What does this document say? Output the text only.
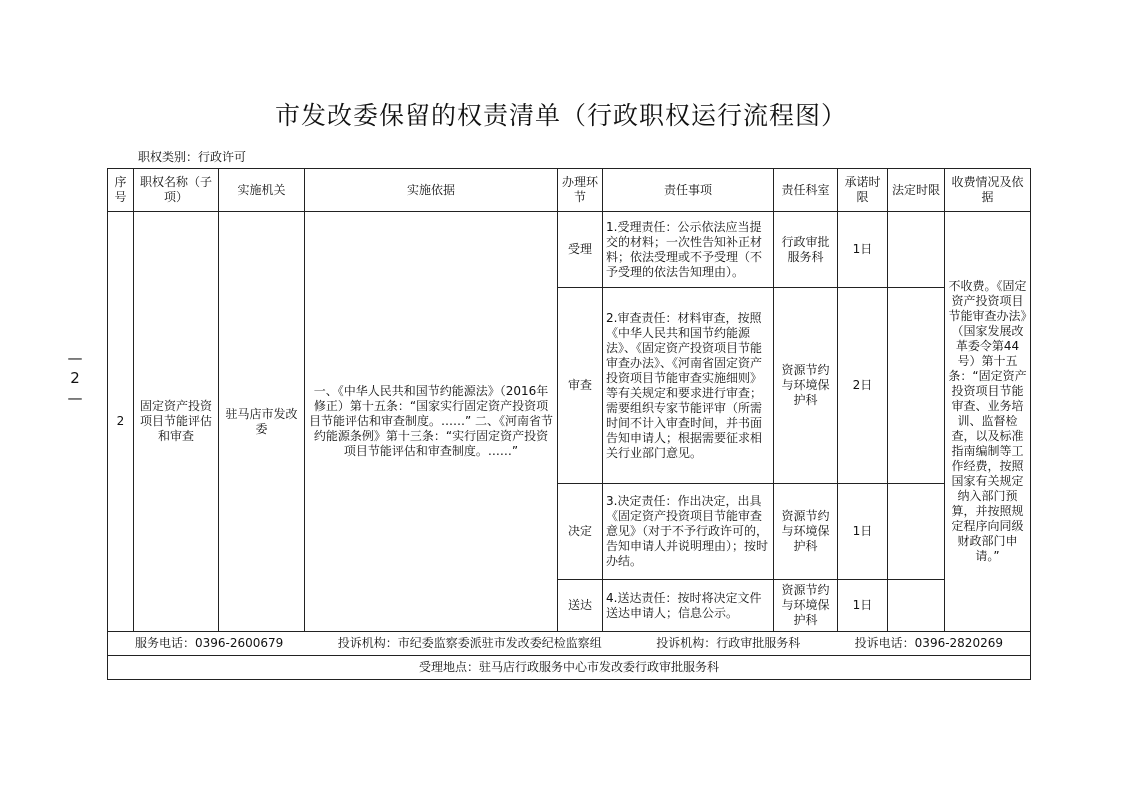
市发改委保留的权责清单（行政职权运行流程图）
职权类别：行政许可
—
2
—
序号	职权名称（子项）	实施机关	实施依据	办理环节	责任事项	责任科室	承诺时限	法定时限	收费情况及依据
2	固定资产投资项目节能评估和审查	驻马店市发改委	一、《中华人民共和国节约能源法》（2016年修正）第十五条：“国家实行固定资产投资项目节能评估和审查制度。……” 二、《河南省节约能源条例》第十三条：“实行固定资产投资项目节能评估和审查制度。……”	受理	1.受理责任：公示依法应当提交的材料；一次性告知补正材料；依法受理或不予受理（不予受理的依法告知理由）。	行政审批服务科	1日		不收费。《固定资产投资项目节能审查办法》（国家发展改革委令第44号）第十五条：“固定资产投资项目节能审查、业务培训、监督检查，以及标准指南编制等工作经费，按照国家有关规定纳入部门预算，并按照规定程序向同级财政部门申请。”
				审查	2.审查责任：材料审查，按照《中华人民共和国节约能源法》、《固定资产投资项目节能审查办法》、《河南省固定资产投资项目节能审查实施细则》等有关规定和要求进行审查；需要组织专家节能评审（所需时间不计入审查时间，并书面告知申请人；根据需要征求相关行业部门意见。	资源节约与环境保护科	2日		
				决定	3.决定责任：作出决定，出具《固定资产投资项目节能审查意见》（对于不予行政许可的，告知申请人并说明理由）；按时办结。	资源节约与环境保护科	1日		
				送达	4.送达责任：按时将决定文件送达申请人；信息公示。	资源节约与环境保护科	1日		

服务电话：0396-2600679 投诉机构：市纪委监察委派驻市发改委纪检监察组 投诉机构：行政审批服务科 投诉电话：0396-2820269									

受理地点：驻马店行政服务中心市发改委行政审批服务科									
